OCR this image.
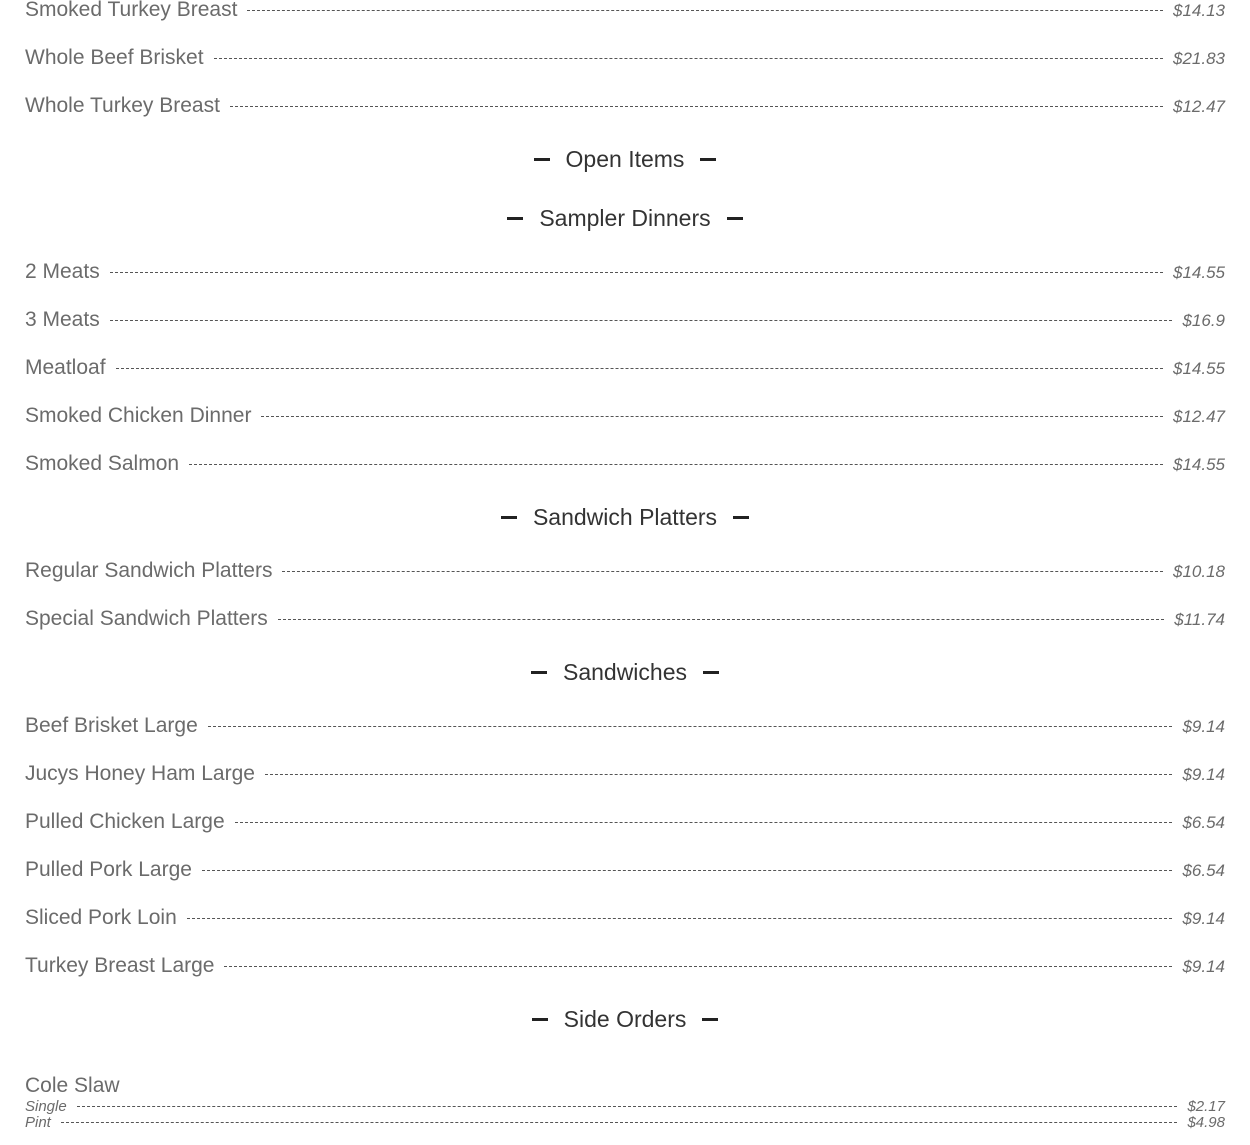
Smoked Turkey Breast	$14.13
Whole Beef Brisket	$21.83
Whole Turkey Breast	$12.47
Open Items
Sampler Dinners
2 Meats	$14.55
3 Meats	$16.9
Meatloaf	$14.55
Smoked Chicken Dinner	$12.47
Smoked Salmon	$14.55
Sandwich Platters
Regular Sandwich Platters	$10.18
Special Sandwich Platters	$11.74
Sandwiches
Beef Brisket Large	$9.14
Jucys Honey Ham Large	$9.14
Pulled Chicken Large	$6.54
Pulled Pork Large	$6.54
Sliced Pork Loin	$9.14
Turkey Breast Large	$9.14
Side Orders
Cole Slaw
Single	$2.17
Pint	$4.98
